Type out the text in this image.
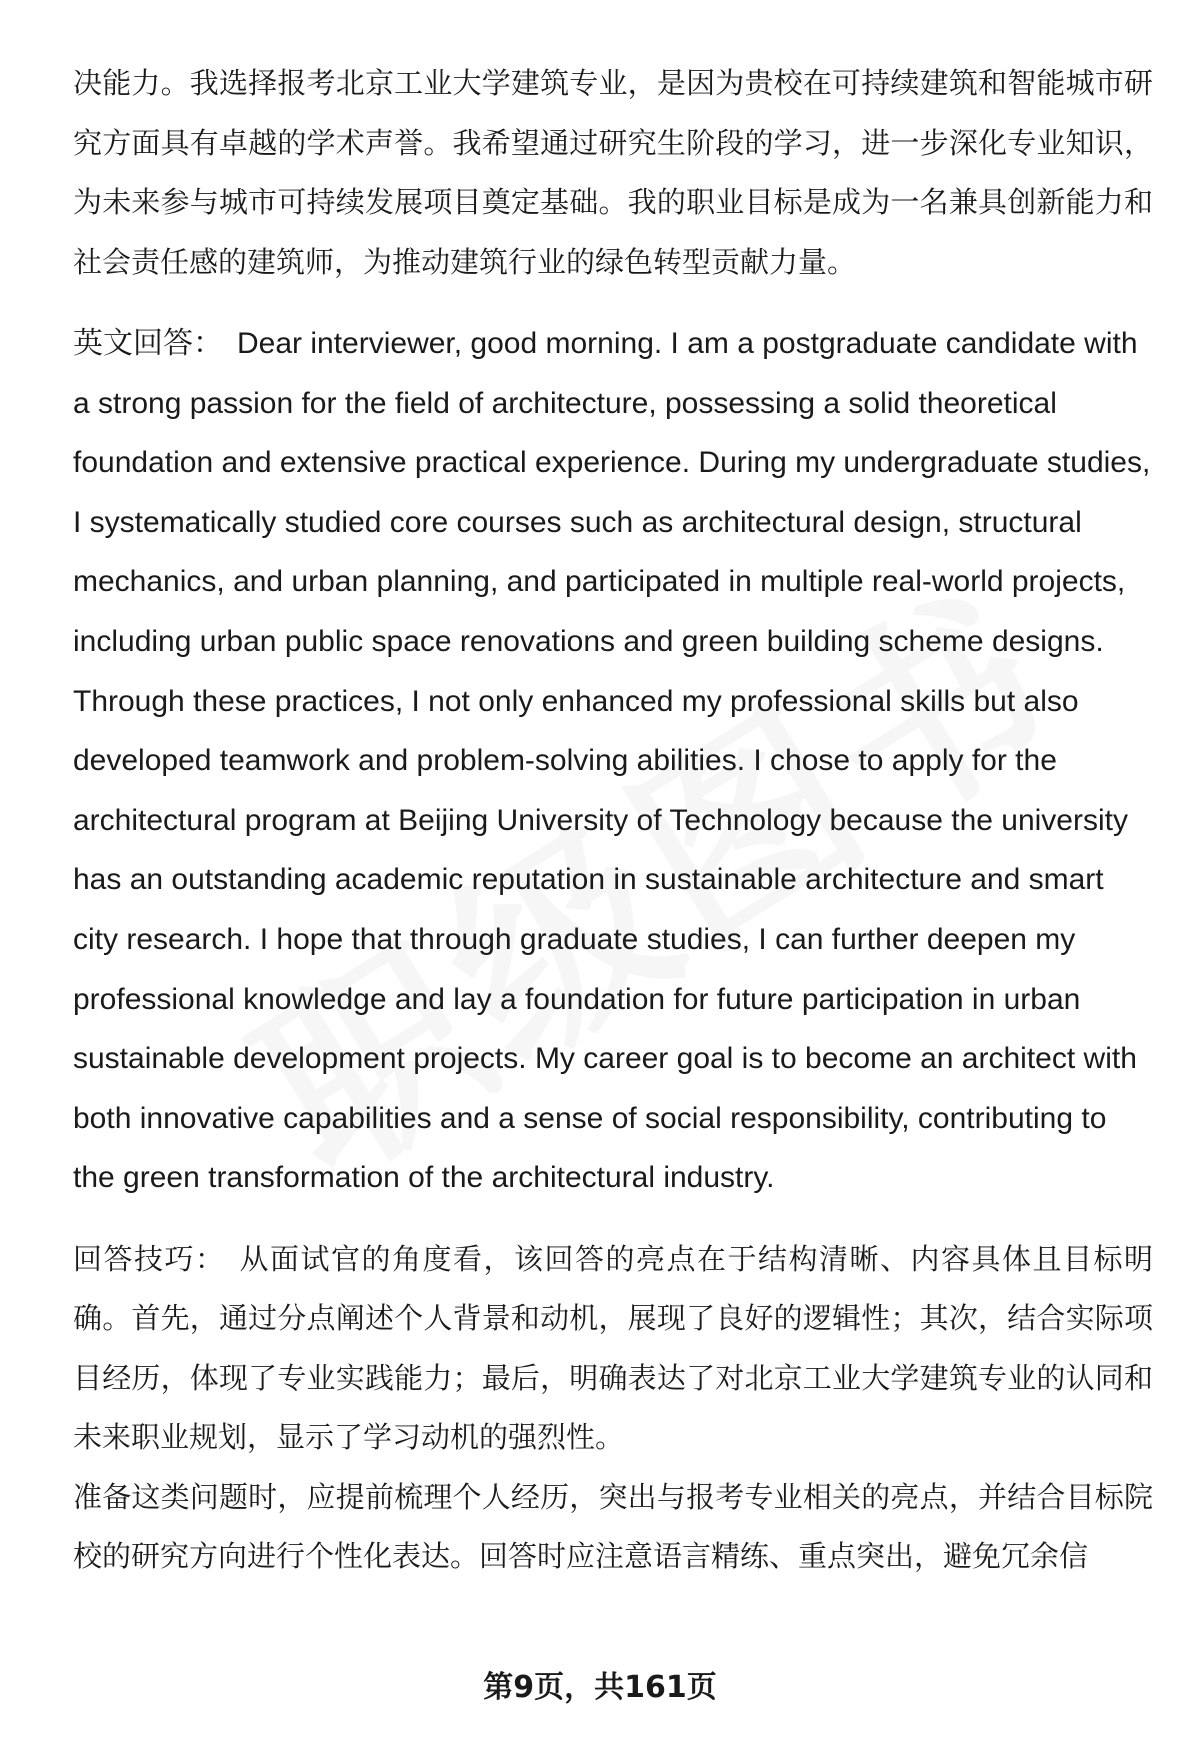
决能力。我选择报考北京工业大学建筑专业，是因为贵校在可持续建筑和智能城市研究方面具有卓越的学术声誉。我希望通过研究生阶段的学习，进一步深化专业知识，为未来参与城市可持续发展项目奠定基础。我的职业目标是成为一名兼具创新能力和社会责任感的建筑师，为推动建筑行业的绿色转型贡献力量。

英文回答： Dear interviewer, good morning. I am a postgraduate candidate with a strong passion for the field of architecture, possessing a solid theoretical foundation and extensive practical experience. During my undergraduate studies, I systematically studied core courses such as architectural design, structural mechanics, and urban planning, and participated in multiple real-world projects, including urban public space renovations and green building scheme designs. Through these practices, I not only enhanced my professional skills but also developed teamwork and problem-solving abilities. I chose to apply for the architectural program at Beijing University of Technology because the university has an outstanding academic reputation in sustainable architecture and smart city research. I hope that through graduate studies, I can further deepen my professional knowledge and lay a foundation for future participation in urban sustainable development projects. My career goal is to become an architect with both innovative capabilities and a sense of social responsibility, contributing to the green transformation of the architectural industry.

回答技巧： 从面试官的角度看，该回答的亮点在于结构清晰、内容具体且目标明确。首先，通过分点阐述个人背景和动机，展现了良好的逻辑性；其次，结合实际项目经历，体现了专业实践能力；最后，明确表达了对北京工业大学建筑专业的认同和未来职业规划，显示了学习动机的强烈性。

准备这类问题时，应提前梳理个人经历，突出与报考专业相关的亮点，并结合目标院校的研究方向进行个性化表达。回答时应注意语言精练、重点突出，避免冗余信

第9页，共161页
